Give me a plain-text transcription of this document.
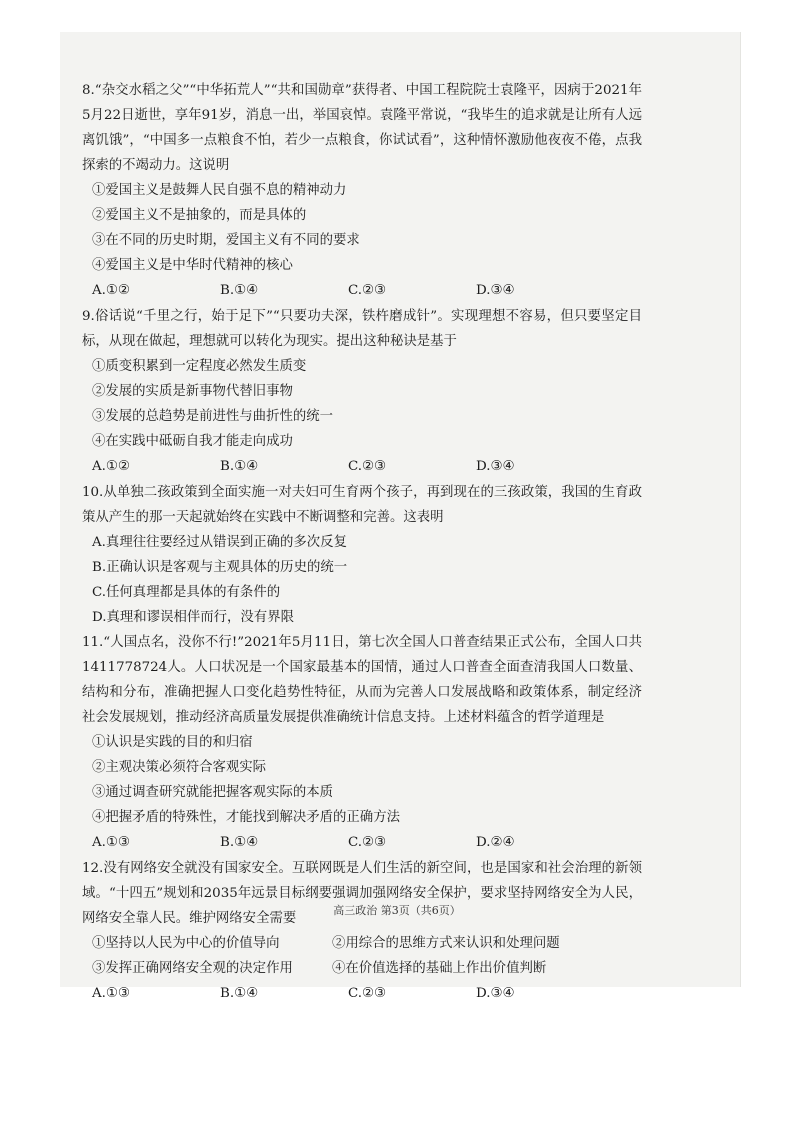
8.“杂交水稻之父”“中华拓荒人”“共和国勋章”获得者、中国工程院院士袁隆平，因病于2021年5月22日逝世，享年91岁，消息一出，举国哀悼。袁隆平常说，“我毕生的追求就是让所有人远离饥饿”，“中国多一点粮食不怕，若少一点粮食，你试试看”，这种情怀激励他夜夜不倦，点我探索的不竭动力。这说明

①爱国主义是鼓舞人民自强不息的精神动力

②爱国主义不是抽象的，而是具体的

③在不同的历史时期，爱国主义有不同的要求

④爱国主义是中华时代精神的核心

A.①②	B.①④	C.②③	D.③④

9.俗话说“千里之行，始于足下”“只要功夫深，铁杵磨成针”。实现理想不容易，但只要坚定目标，从现在做起，理想就可以转化为现实。提出这种秘诀是基于

①质变积累到一定程度必然发生质变

②发展的实质是新事物代替旧事物

③发展的总趋势是前进性与曲折性的统一

④在实践中砥砺自我才能走向成功

A.①②	B.①④	C.②③	D.③④

10.从单独二孩政策到全面实施一对夫妇可生育两个孩子，再到现在的三孩政策，我国的生育政策从产生的那一天起就始终在实践中不断调整和完善。这表明

A.真理往往要经过从错误到正确的多次反复

B.正确认识是客观与主观具体的历史的统一

C.任何真理都是具体的有条件的

D.真理和谬误相伴而行，没有界限

11.“人国点名，没你不行!”2021年5月11日，第七次全国人口普查结果正式公布，全国人口共1411778724人。人口状况是一个国家最基本的国情，通过人口普查全面查清我国人口数量、结构和分布，准确把握人口变化趋势性特征，从而为完善人口发展战略和政策体系，制定经济社会发展规划，推动经济高质量发展提供准确统计信息支持。上述材料蕴含的哲学道理是

①认识是实践的目的和归宿

②主观决策必须符合客观实际

③通过调查研究就能把握客观实际的本质

④把握矛盾的特殊性，才能找到解决矛盾的正确方法

A.①③	B.①④	C.②③	D.②④

12.没有网络安全就没有国家安全。互联网既是人们生活的新空间，也是国家和社会治理的新领域。“十四五”规划和2035年远景目标纲要强调加强网络安全保护，要求坚持网络安全为人民，网络安全靠人民。维护网络安全需要

①坚持以人民为中心的价值导向	②用综合的思维方式来认识和处理问题
③发挥正确网络安全观的决定作用	④在价值选择的基础上作出价值判断
A.①③	B.①④	C.②③	D.③④
高三政治 第3页（共6页）
